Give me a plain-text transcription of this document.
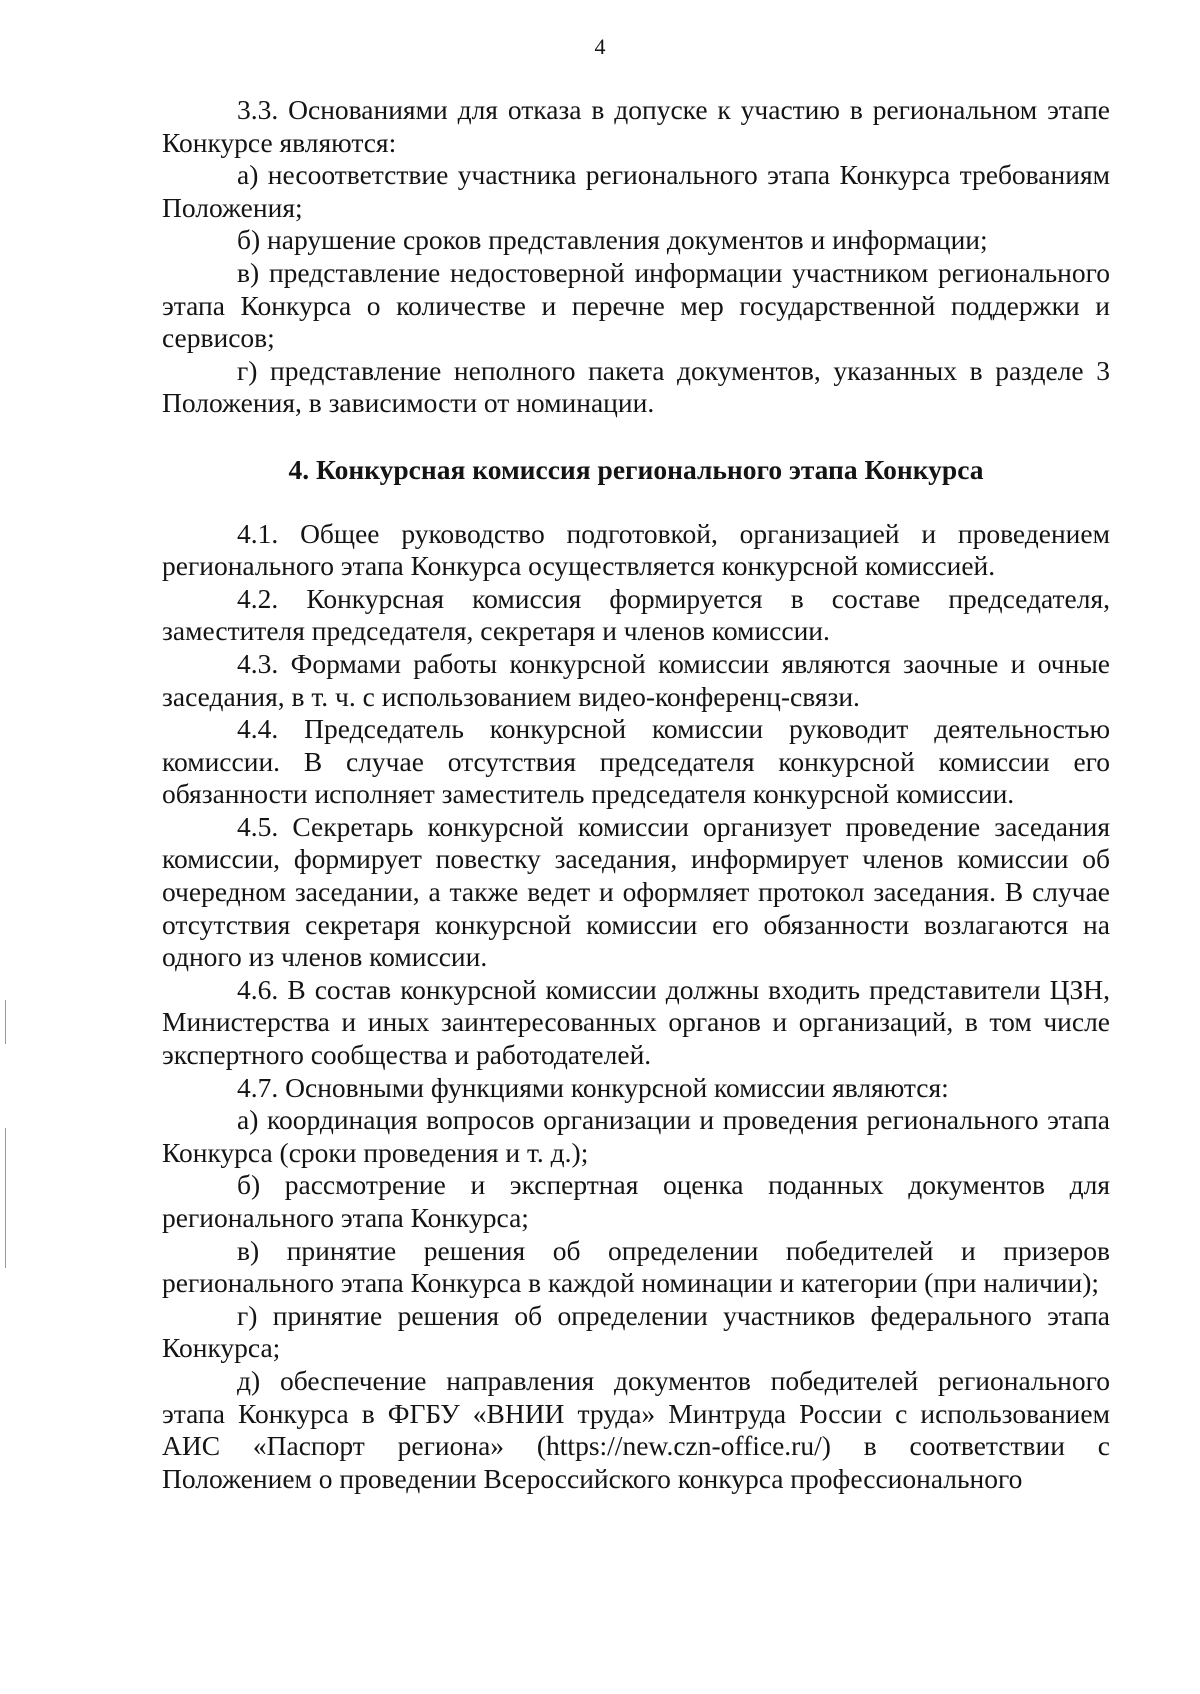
4

3.3. Основаниями для отказа в допуске к участию в региональном этапе Конкурсе являются:

а) несоответствие участника регионального этапа Конкурса требованиям Положения;

б) нарушение сроков представления документов и информации;

в) представление недостоверной информации участником регионального этапа Конкурса о количестве и перечне мер государственной поддержки и сервисов;

г) представление неполного пакета документов, указанных в разделе 3 Положения, в зависимости от номинации.

4. Конкурсная комиссия регионального этапа Конкурса

4.1. Общее руководство подготовкой, организацией и проведением регионального этапа Конкурса осуществляется конкурсной комиссией.

4.2. Конкурсная комиссия формируется в составе председателя, заместителя председателя, секретаря и членов комиссии.

4.3. Формами работы конкурсной комиссии являются заочные и очные заседания, в т. ч. с использованием видео-конференц-связи.

4.4. Председатель конкурсной комиссии руководит деятельностью комиссии. В случае отсутствия председателя конкурсной комиссии его обязанности исполняет заместитель председателя конкурсной комиссии.

4.5. Секретарь конкурсной комиссии организует проведение заседания комиссии, формирует повестку заседания, информирует членов комиссии об очередном заседании, а также ведет и оформляет протокол заседания. В случае отсутствия секретаря конкурсной комиссии его обязанности возлагаются на одного из членов комиссии.

4.6. В состав конкурсной комиссии должны входить представители ЦЗН, Министерства и иных заинтересованных органов и организаций, в том числе экспертного сообщества и работодателей.

4.7. Основными функциями конкурсной комиссии являются:

а) координация вопросов организации и проведения регионального этапа Конкурса (сроки проведения и т. д.);

б) рассмотрение и экспертная оценка поданных документов для регионального этапа Конкурса;

в) принятие решения об определении победителей и призеров регионального этапа Конкурса в каждой номинации и категории (при наличии);

г) принятие решения об определении участников федерального этапа Конкурса;

д) обеспечение направления документов победителей регионального этапа Конкурса в ФГБУ «ВНИИ труда» Минтруда России с использованием АИС «Паспорт региона» (https://new.czn-office.ru/) в соответствии с Положением о проведении Всероссийского конкурса профессионального
